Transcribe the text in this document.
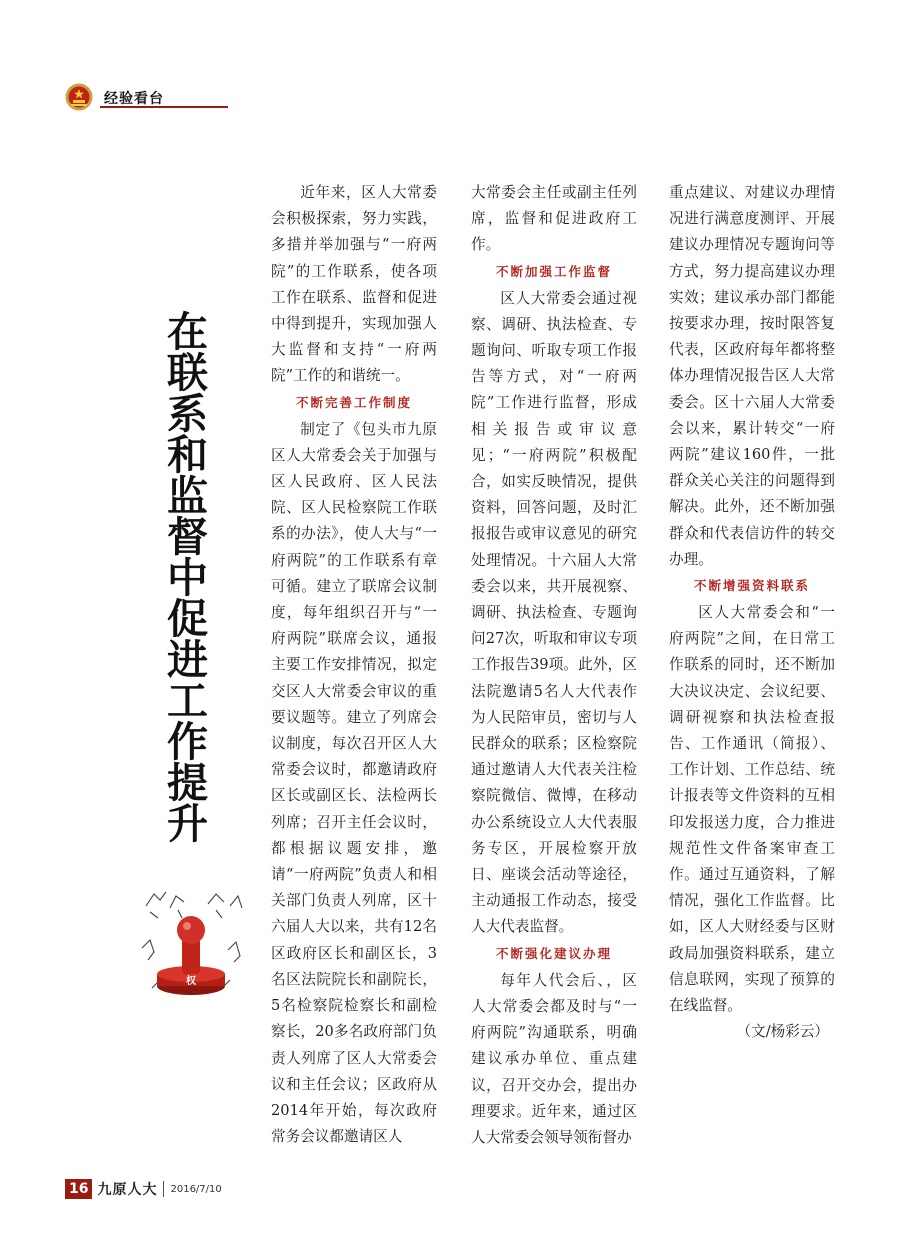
经验看台
在联系和监督中促进工作提升
权

近年来，区人大常委会积极探索，努力实践，多措并举加强与“一府两院”的工作联系，使各项工作在联系、监督和促进中得到提升，实现加强人大监督和支持“一府两院”工作的和谐统一。

不断完善工作制度

制定了《包头市九原区人大常委会关于加强与区人民政府、区人民法院、区人民检察院工作联系的办法》，使人大与“一府两院”的工作联系有章可循。建立了联席会议制度，每年组织召开与“一府两院”联席会议，通报主要工作安排情况，拟定交区人大常委会审议的重要议题等。建立了列席会议制度，每次召开区人大常委会议时，都邀请政府区长或副区长、法检两长列席；召开主任会议时，都根据议题安排，邀请“一府两院”负责人和相关部门负责人列席，区十六届人大以来，共有12名区政府区长和副区长，3名区法院院长和副院长，5名检察院检察长和副检察长，20多名政府部门负责人列席了区人大常委会议和主任会议；区政府从2014年开始，每次政府常务会议都邀请区人

大常委会主任或副主任列席，监督和促进政府工作。

不断加强工作监督

区人大常委会通过视察、调研、执法检查、专题询问、听取专项工作报告等方式，对“一府两院”工作进行监督，形成相关报告或审议意见；“一府两院”积极配合，如实反映情况，提供资料，回答问题，及时汇报报告或审议意见的研究处理情况。十六届人大常委会以来，共开展视察、调研、执法检查、专题询问27次，听取和审议专项工作报告39项。此外，区法院邀请5名人大代表作为人民陪审员，密切与人民群众的联系；区检察院通过邀请人大代表关注检察院微信、微博，在移动办公系统设立人大代表服务专区，开展检察开放日、座谈会活动等途径，主动通报工作动态，接受人大代表监督。

不断强化建议办理

每年人代会后、，区人大常委会都及时与“一府两院”沟通联系，明确建议承办单位、重点建议，召开交办会，提出办理要求。近年来，通过区人大常委会领导领衔督办

重点建议、对建议办理情况进行满意度测评、开展建议办理情况专题询问等方式，努力提高建议办理实效；建议承办部门都能按要求办理，按时限答复代表，区政府每年都将整体办理情况报告区人大常委会。区十六届人大常委会以来，累计转交“一府两院”建议160件，一批群众关心关注的问题得到解决。此外，还不断加强群众和代表信访件的转交办理。

不断增强资料联系

区人大常委会和“一府两院”之间，在日常工作联系的同时，还不断加大决议决定、会议纪要、调研视察和执法检查报告、工作通讯（简报）、工作计划、工作总结、统计报表等文件资料的互相印发报送力度，合力推进规范性文件备案审查工作。通过互通资料，了解情况，强化工作监督。比如，区人大财经委与区财政局加强资料联系，建立信息联网，实现了预算的在线监督。

（文/杨彩云）

16 九原人大 2016/7/10
